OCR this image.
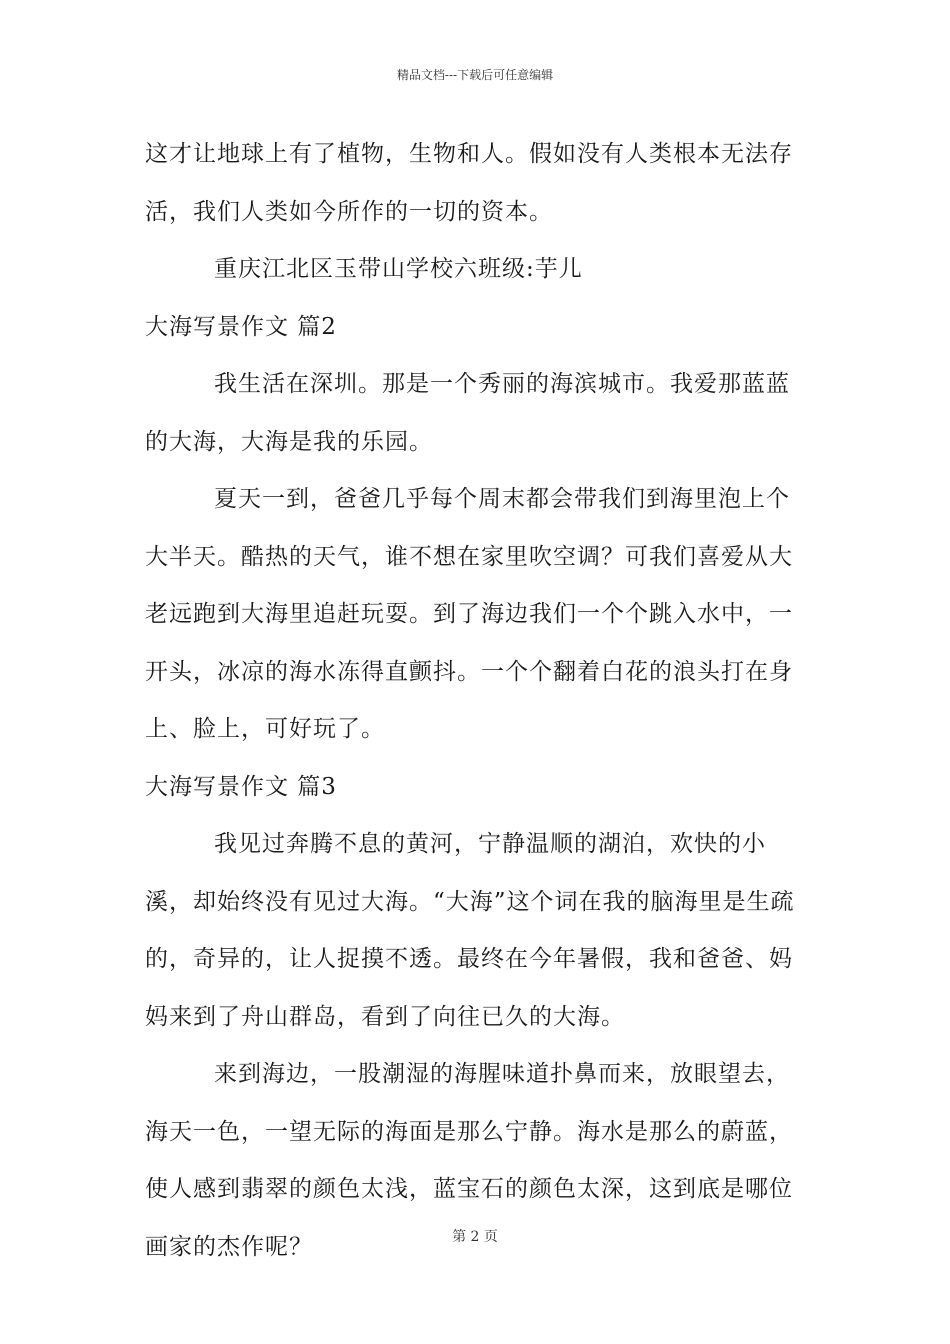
精品文档---下载后可任意编辑

这才让地球上有了植物，生物和人。假如没有人类根本无法存活，我们人类如今所作的一切的资本。

重庆江北区玉带山学校六班级:芋儿

大海写景作文 篇2

我生活在深圳。那是一个秀丽的海滨城市。我爱那蓝蓝的大海，大海是我的乐园。

夏天一到，爸爸几乎每个周末都会带我们到海里泡上个大半天。酷热的天气，谁不想在家里吹空调？可我们喜爱从大老远跑到大海里追赶玩耍。到了海边我们一个个跳入水中，一开头，冰凉的海水冻得直颤抖。一个个翻着白花的浪头打在身上、脸上，可好玩了。

大海写景作文 篇3

我见过奔腾不息的黄河，宁静温顺的湖泊，欢快的小溪，却始终没有见过大海。“大海”这个词在我的脑海里是生疏的，奇异的，让人捉摸不透。最终在今年暑假，我和爸爸、妈妈来到了舟山群岛，看到了向往已久的大海。

来到海边，一股潮湿的海腥味道扑鼻而来，放眼望去，海天一色，一望无际的海面是那么宁静。海水是那么的蔚蓝，使人感到翡翠的颜色太浅，蓝宝石的颜色太深，这到底是哪位画家的杰作呢？	第 2 页
